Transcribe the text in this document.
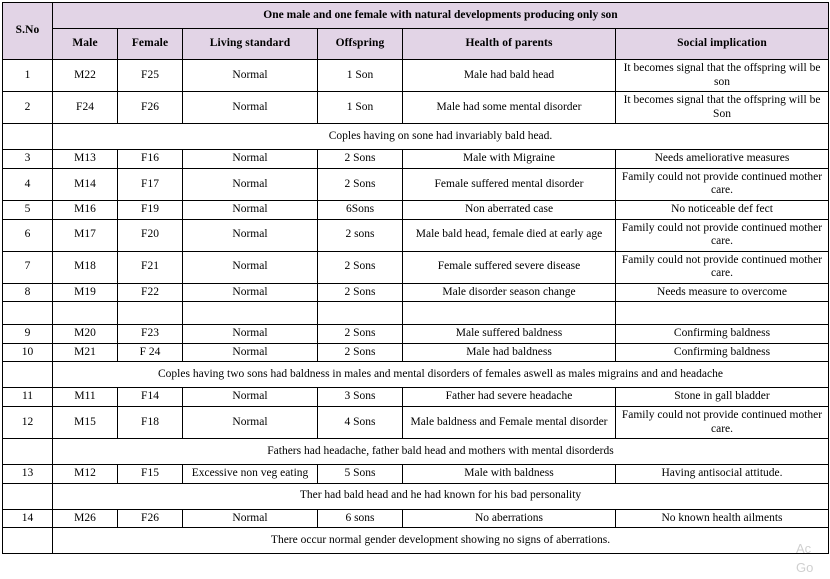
S.No	One male and one female with natural developments producing only son					
	Male	Female	Living standard	Offspring	Health of parents	Social implication
1	M22	F25	Normal	1 Son	Male had bald head	It becomes signal that the offspring will be son
2	F24	F26	Normal	1 Son	Male had some mental disorder	It becomes signal that the offspring will be Son
	Coples having on sone had invariably bald head.					
3	M13	F16	Normal	2 Sons	Male with Migraine	Needs ameliorative measures
4	M14	F17	Normal	2 Sons	Female suffered mental disorder	Family could not provide continued mother care.
5	M16	F19	Normal	6Sons	Non aberrated case	No noticeable def fect
6	M17	F20	Normal	2 sons	Male bald head, female died at early age	Family could not provide continued mother care.
7	M18	F21	Normal	2 Sons	Female suffered severe disease	Family could not provide continued mother care.
8	M19	F22	Normal	2 Sons	Male disorder season change	Needs measure to overcome

9	M20	F23	Normal	2 Sons	Male suffered baldness	Confirming baldness
10	M21	F 24	Normal	2 Sons	Male had baldness	Confirming baldness
	Coples having two sons had baldness in males and mental disorders of females aswell as males migrains and and headache					
11	M11	F14	Normal	3 Sons	Father had severe headache	Stone in gall bladder
12	M15	F18	Normal	4 Sons	Male baldness and Female mental disorder	Family could not provide continued mother care.
	Fathers had headache, father bald head and mothers with mental disorderds					
13	M12	F15	Excessive non veg eating	5 Sons	Male with baldness	Having antisocial attitude.
	Ther had bald head and he had known for his bad personality					
14	M26	F26	Normal	6 sons	No aberrations	No known health ailments
	There occur normal gender development showing no signs of aberrations.					
Ac
Go
